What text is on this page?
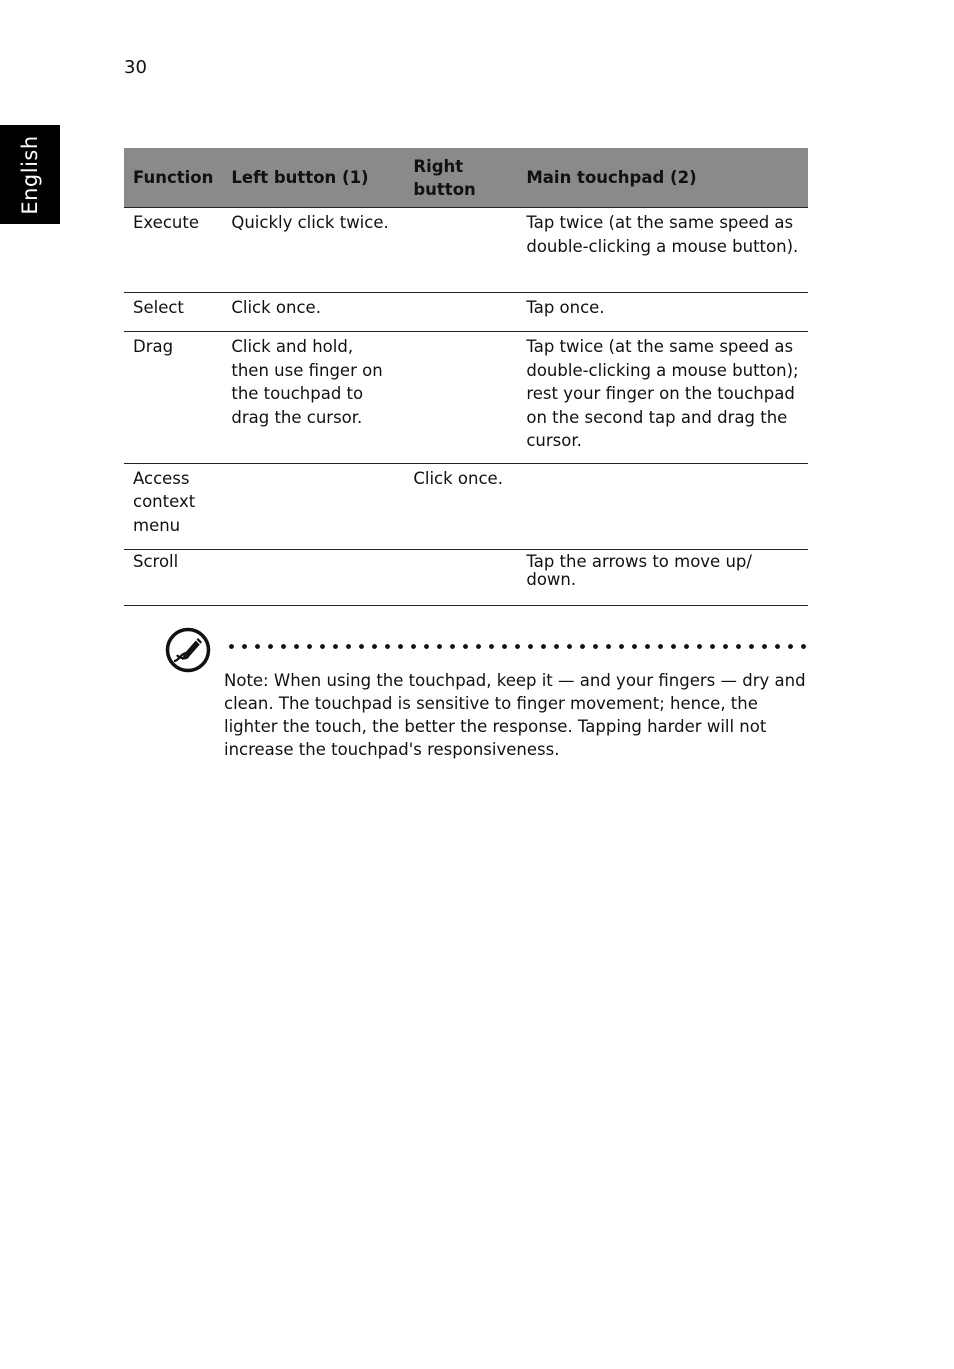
30
English	Function	Left button (1)	Right button	Main touchpad (2)
Execute	Quickly click twice.		Tap twice (at the same speed as double-clicking a mouse button).
Select	Click once.		Tap once.
Drag	Click and hold, then use finger on the touchpad to drag the cursor.		Tap twice (at the same speed as double-clicking a mouse button); rest your finger on the touchpad on the second tap and drag the cursor.
Access context menu		Click once.	
Scroll			Tap the arrows to move up/ down.
Note: When using the touchpad, keep it — and your fingers — dry and clean. The touchpad is sensitive to finger movement; hence, the lighter the touch, the better the response. Tapping harder will not increase the touchpad's responsiveness.
